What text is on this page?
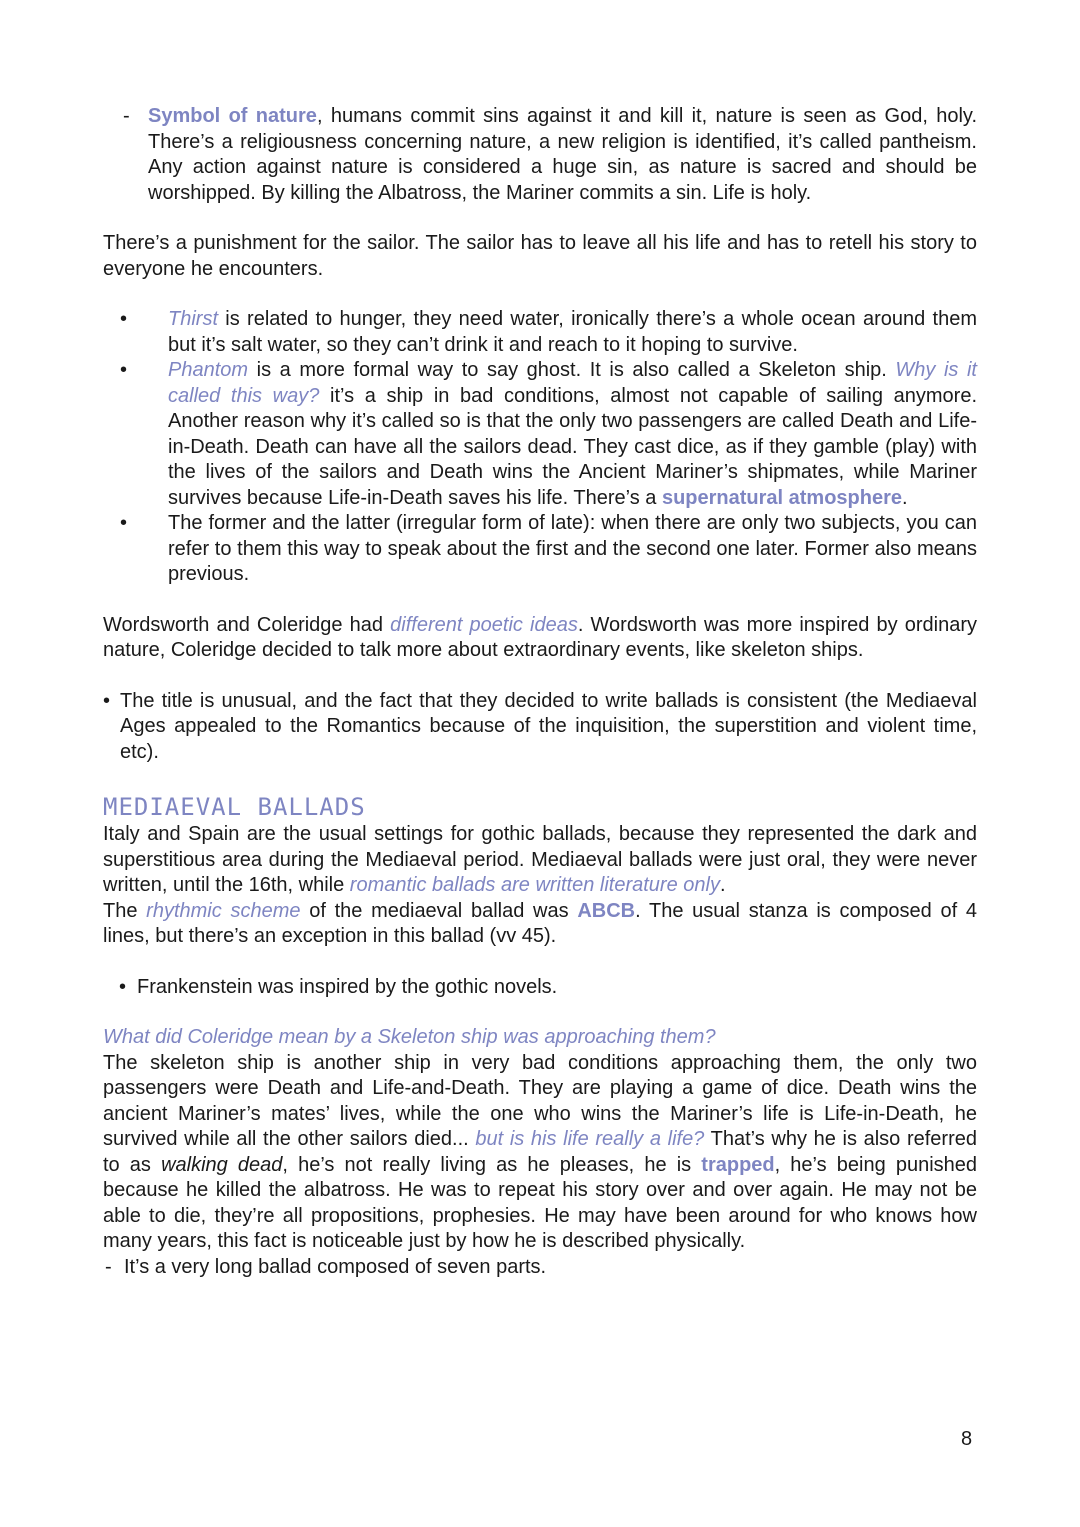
- Symbol of nature, humans commit sins against it and kill it, nature is seen as God, holy. There’s a religiousness concerning nature, a new religion is identified, it’s called pantheism. Any action against nature is considered a huge sin, as nature is sacred and should be worshipped. By killing the Albatross, the Mariner commits a sin. Life is holy.

There’s a punishment for the sailor. The sailor has to leave all his life and has to retell his story to everyone he encounters.

• Thirst is related to hunger, they need water, ironically there’s a whole ocean around them but it’s salt water, so they can’t drink it and reach to it hoping to survive.

• Phantom is a more formal way to say ghost. It is also called a Skeleton ship. Why is it called this way? it’s a ship in bad conditions, almost not capable of sailing anymore. Another reason why it’s called so is that the only two passengers are called Death and Life-in-Death. Death can have all the sailors dead. They cast dice, as if they gamble (play) with the lives of the sailors and Death wins the Ancient Mariner’s shipmates, while Mariner survives because Life-in-Death saves his life. There’s a supernatural atmosphere.

• The former and the latter (irregular form of late): when there are only two subjects, you can refer to them this way to speak about the first and the second one later. Former also means previous.

Wordsworth and Coleridge had different poetic ideas. Wordsworth was more inspired by ordinary nature, Coleridge decided to talk more about extraordinary events, like skeleton ships.

• The title is unusual, and the fact that they decided to write ballads is consistent (the Mediaeval Ages appealed to the Romantics because of the inquisition, the superstition and violent time, etc).

MEDIAEVAL BALLADS

Italy and Spain are the usual settings for gothic ballads, because they represented the dark and superstitious area during the Mediaeval period. Mediaeval ballads were just oral, they were never written, until the 16th, while romantic ballads are written literature only.

The rhythmic scheme of the mediaeval ballad was ABCB. The usual stanza is composed of 4 lines, but there’s an exception in this ballad (vv 45).

• Frankenstein was inspired by the gothic novels.

What did Coleridge mean by a Skeleton ship was approaching them?

The skeleton ship is another ship in very bad conditions approaching them, the only two passengers were Death and Life-and-Death. They are playing a game of dice. Death wins the ancient Mariner’s mates’ lives, while the one who wins the Mariner’s life is Life-in-Death, he survived while all the other sailors died... but is his life really a life? That’s why he is also referred to as walking dead, he’s not really living as he pleases, he is trapped, he’s being punished because he killed the albatross. He was to repeat his story over and over again. He may not be able to die, they’re all propositions, prophesies. He may have been around for who knows how many years, this fact is noticeable just by how he is described physically.

- It’s a very long ballad composed of seven parts.

8
